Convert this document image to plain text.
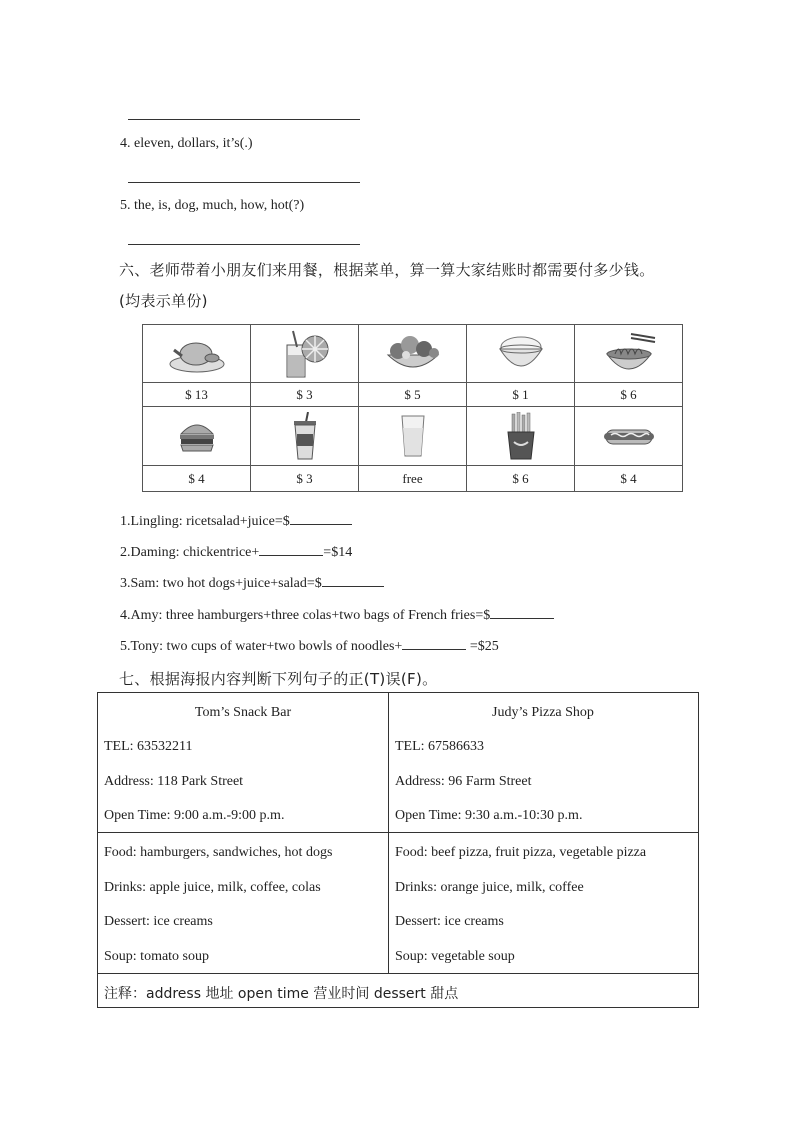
4. eleven, dollars, it’s(.)
5. the, is, dog, much, how, hot(?)
六、老师带着小朋友们来用餐，根据菜单，算一算大家结账时都需要付多少钱。
(均表示单份)
$ 13	$ 3	$ 5	$ 1	$ 6
$ 4	$ 3	free	$ 6	$ 4
1.Lingling: ricetsalad+juice=$
2.Daming: chickentrice+	=$14
3.Sam: two hot dogs+juice+salad=$
4.Amy: three hamburgers+three colas+two bags of French fries=$
5.Tony: two cups of water+two bowls of noodles+	=$25
七、根据海报内容判断下列句子的正(T)误(F)。
Tom’s Snack Bar
TEL: 63532211
Address: 118 Park Street
Open Time: 9:00 a.m.-9:00 p.m.
Food: hamburgers, sandwiches, hot dogs
Drinks: apple juice, milk, coffee, colas
Dessert: ice creams
Soup: tomato soup
Judy’s Pizza Shop
TEL: 67586633
Address: 96 Farm Street
Open Time: 9:30 a.m.-10:30 p.m.
Food: beef pizza, fruit pizza, vegetable pizza
Drinks: orange juice, milk, coffee
Dessert: ice creams
Soup: vegetable soup
注释：address 地址 open time 营业时间 dessert 甜点
